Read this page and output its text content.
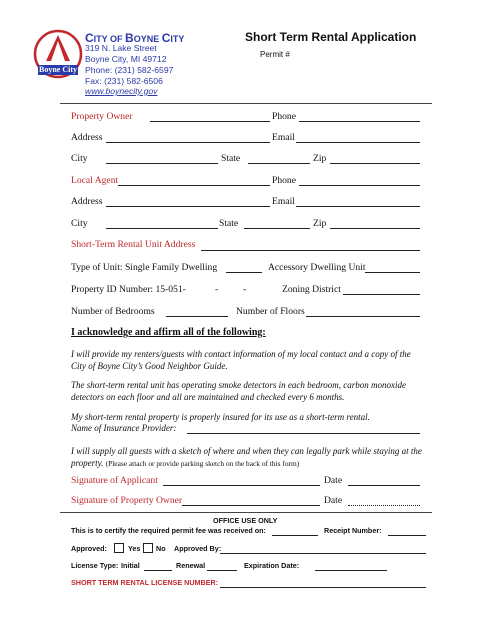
Boyne City
CITY OF BOYNE CITY
319 N. Lake Street
Boyne City, MI 49712
Phone: (231) 582-6597
Fax: (231) 582-6506
www.boynecity.gov
Short Term Rental Application
Permit #
Property Owner	Phone
Address	Email
City	State	Zip
Local Agent	Phone
Address	Email
City	State	Zip
Short-Term Rental Unit Address
Type of Unit: Single Family Dwelling	Accessory Dwelling Unit
Property ID Number: 15-051-	-	-	Zoning District
Number of Bedrooms	Number of Floors
I acknowledge and affirm all of the following:
I will provide my renters/guests with contact information of my local contact and a copy of the City of Boyne City’s Good Neighbor Guide.
The short-term rental unit has operating smoke detectors in each bedroom, carbon monoxide detectors on each floor and all are maintained and checked every 6 months.
My short-term rental property is properly insured for its use as a short-term rental.
Name of Insurance Provider:
I will supply all guests with a sketch of where and when they can legally park while staying at the property. (Please attach or provide parking sketch on the back of this form)
Signature of Applicant	Date
Signature of Property Owner	Date
OFFICE USE ONLY
This is to certify the required permit fee was received on:	Receipt Number:
Approved:	Yes No Approved By:
License Type: Initial	Renewal	Expiration Date:
SHORT TERM RENTAL LICENSE NUMBER:
